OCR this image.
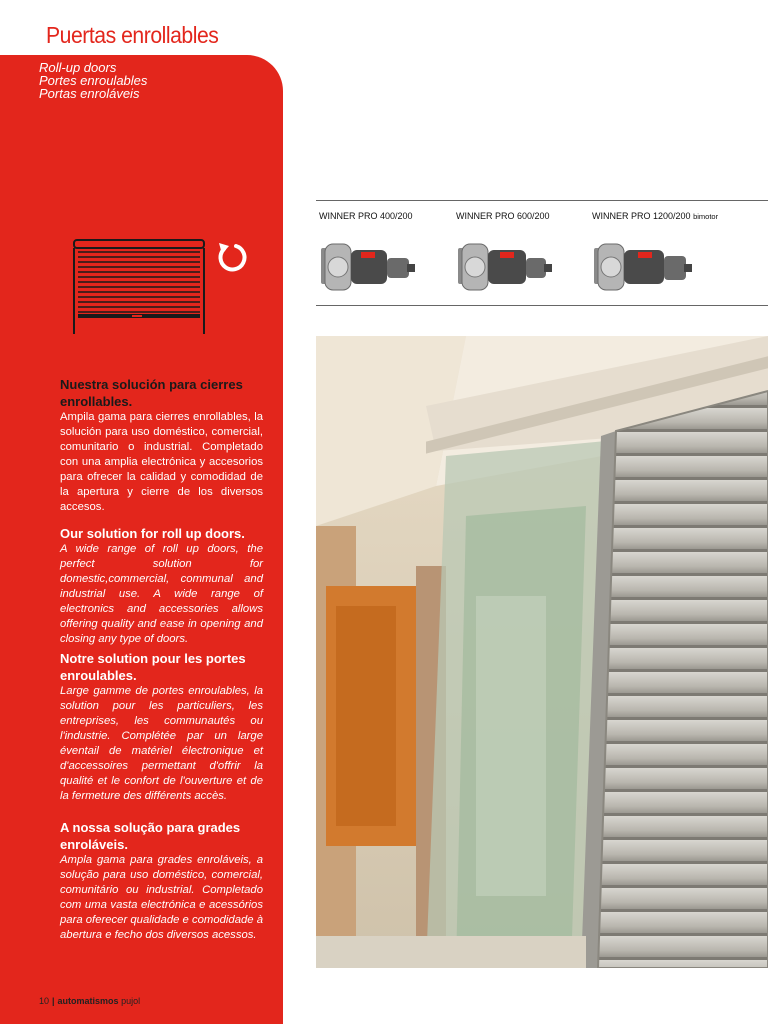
Puertas enrollables
Roll-up doors
Portes enroulables
Portas enroláveis
Nuestra solución para cierres enrollables.

Ampila gama para cierres enrollables, la solución para uso doméstico, comercial, comunitario o industrial. Completado con una amplia electrónica y accesorios para ofrecer la calidad y comodidad de la apertura y cierre de los diversos accesos.

Our solution for roll up doors.

A wide range of roll up doors, the perfect solution for domestic,commercial, communal and industrial use. A wide range of electronics and accessories allows offering quality and ease in opening and closing any type of doors.

Notre solution pour les portes enroulables.

Large gamme de portes enroulables, la solution pour les particuliers, les entreprises, les communautés ou l'industrie. Complétée par un large éventail de matériel électronique et d'accessoires permettant d'offrir la qualité et le confort de l'ouverture et de la fermeture des différents accès.

A nossa solução para grades enroláveis.

Ampla gama para grades enroláveis, a solução para uso doméstico, comercial, comunitário ou industrial. Completado com uma vasta electrónica e acessórios para oferecer qualidade e comodidade à abertura e fecho dos diversos acessos.

10 | automatismos pujol
WINNER PRO 400/200	WINNER PRO 600/200	WINNER PRO 1200/200 bimotor
